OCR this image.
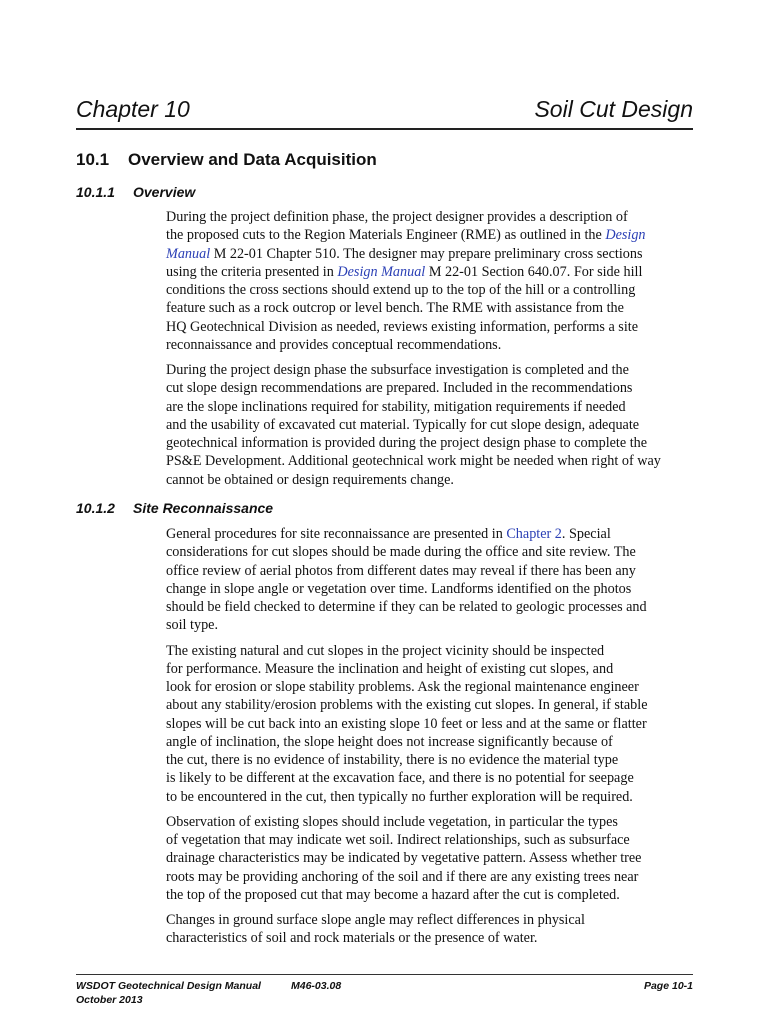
Chapter 10	Soil Cut Design
10.1 Overview and Data Acquisition
10.1.1 Overview

During the project definition phase, the project designer provides a description of
the proposed cuts to the Region Materials Engineer (RME) as outlined in the Design
Manual M 22-01 Chapter 510. The designer may prepare preliminary cross sections
using the criteria presented in Design Manual M 22-01 Section 640.07. For side hill
conditions the cross sections should extend up to the top of the hill or a controlling
feature such as a rock outcrop or level bench. The RME with assistance from the
HQ Geotechnical Division as needed, reviews existing information, performs a site
reconnaissance and provides conceptual recommendations.

During the project design phase the subsurface investigation is completed and the
cut slope design recommendations are prepared. Included in the recommendations
are the slope inclinations required for stability, mitigation requirements if needed
and the usability of excavated cut material. Typically for cut slope design, adequate
geotechnical information is provided during the project design phase to complete the
PS&E Development. Additional geotechnical work might be needed when right of way
cannot be obtained or design requirements change.

10.1.2 Site Reconnaissance

General procedures for site reconnaissance are presented in Chapter 2. Special
considerations for cut slopes should be made during the office and site review. The
office review of aerial photos from different dates may reveal if there has been any
change in slope angle or vegetation over time. Landforms identified on the photos
should be field checked to determine if they can be related to geologic processes and
soil type.

The existing natural and cut slopes in the project vicinity should be inspected
for performance. Measure the inclination and height of existing cut slopes, and
look for erosion or slope stability problems. Ask the regional maintenance engineer
about any stability/erosion problems with the existing cut slopes. In general, if stable
slopes will be cut back into an existing slope 10 feet or less and at the same or flatter
angle of inclination, the slope height does not increase significantly because of
the cut, there is no evidence of instability, there is no evidence the material type
is likely to be different at the excavation face, and there is no potential for seepage
to be encountered in the cut, then typically no further exploration will be required.

Observation of existing slopes should include vegetation, in particular the types
of vegetation that may indicate wet soil. Indirect relationships, such as subsurface
drainage characteristics may be indicated by vegetative pattern. Assess whether tree
roots may be providing anchoring of the soil and if there are any existing trees near
the top of the proposed cut that may become a hazard after the cut is completed.

Changes in ground surface slope angle may reflect differences in physical
characteristics of soil and rock materials or the presence of water.

WSDOT Geotechnical Design Manual	M46-03.08
October 2013
Page 10-1
